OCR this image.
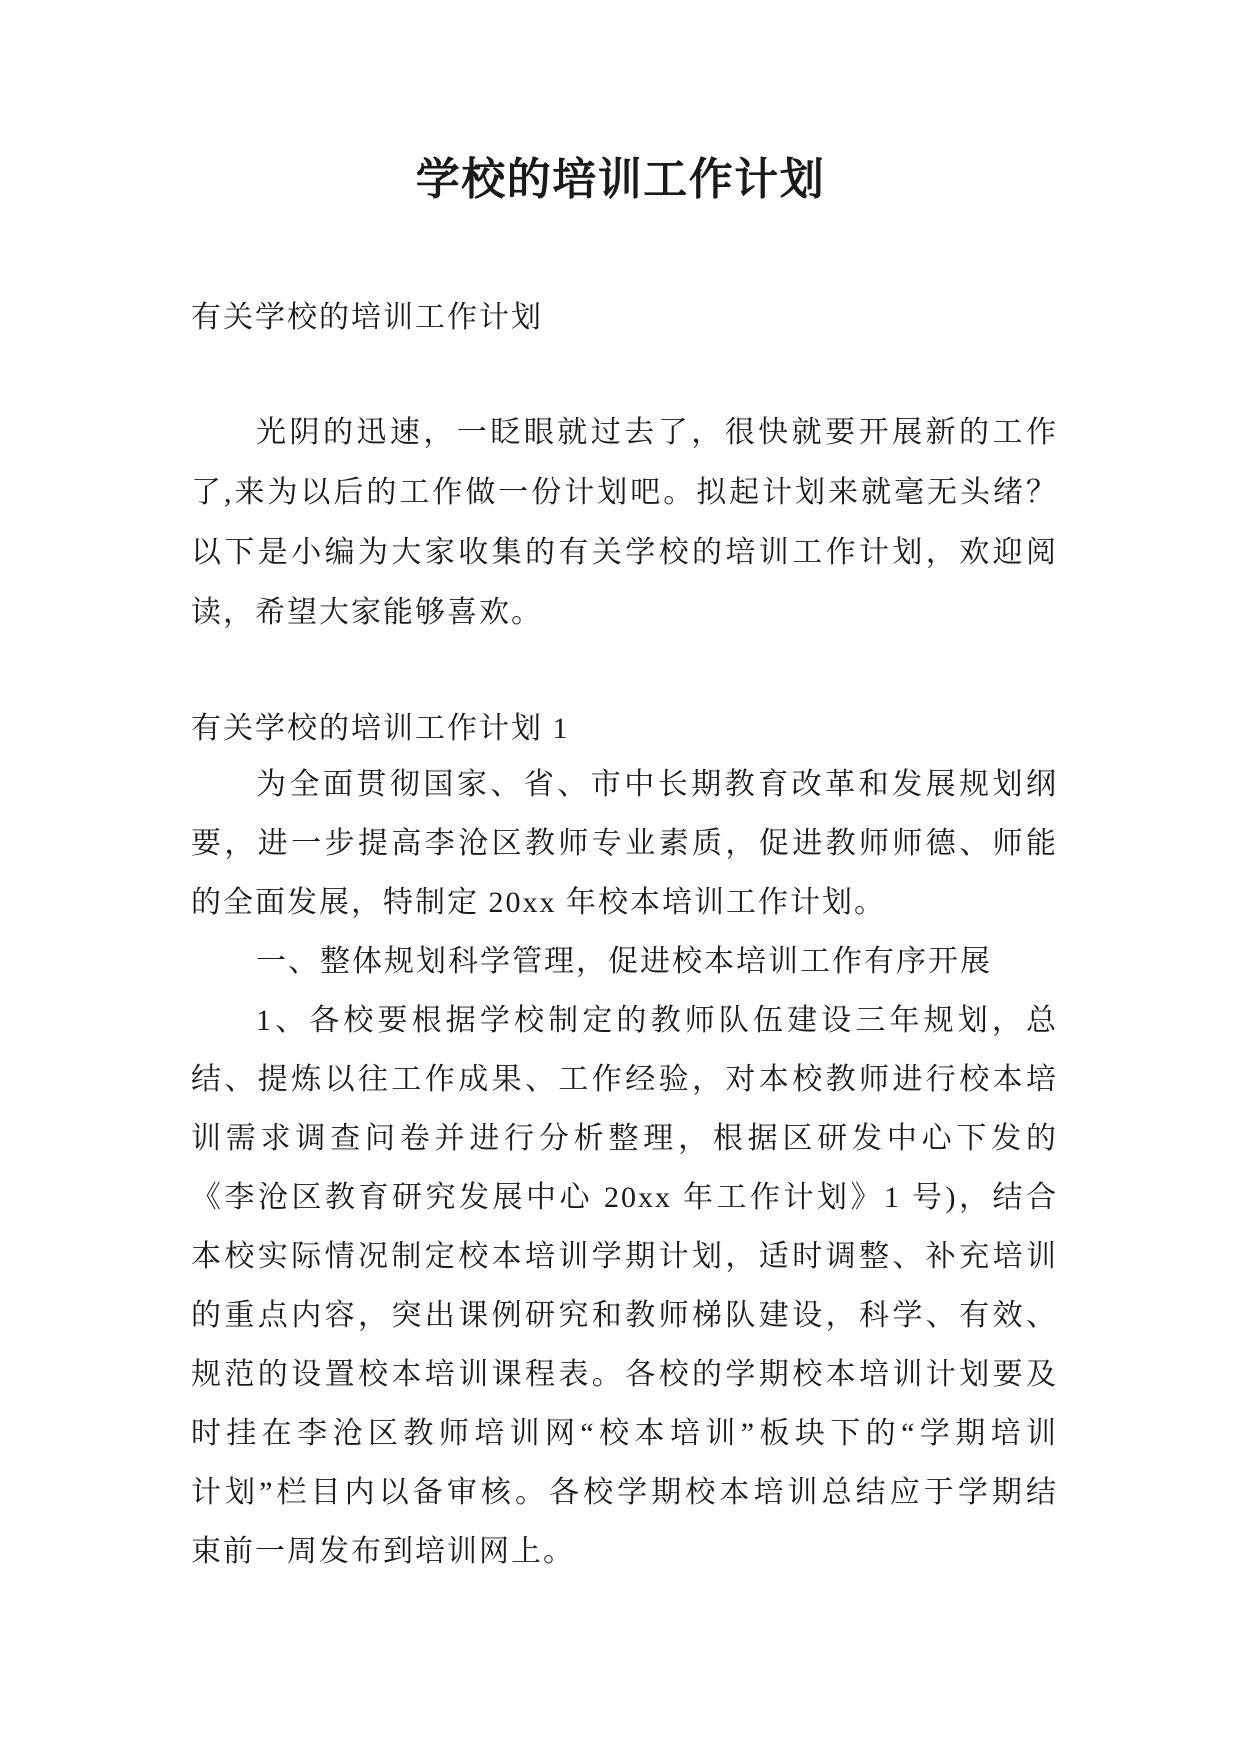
学校的培训工作计划
有关学校的培训工作计划
光阴的迅速，一眨眼就过去了，很快就要开展新的工作
了,来为以后的工作做一份计划吧。拟起计划来就毫无头绪？
以下是小编为大家收集的有关学校的培训工作计划，欢迎阅
读，希望大家能够喜欢。
有关学校的培训工作计划 1
为全面贯彻国家、省、市中长期教育改革和发展规划纲
要，进一步提高李沧区教师专业素质，促进教师师德、师能
的全面发展，特制定 20xx 年校本培训工作计划。
一、整体规划科学管理，促进校本培训工作有序开展
1、各校要根据学校制定的教师队伍建设三年规划，总
结、提炼以往工作成果、工作经验，对本校教师进行校本培
训需求调查问卷并进行分析整理，根据区研发中心下发的
《李沧区教育研究发展中心 20xx 年工作计划》1 号)，结合
本校实际情况制定校本培训学期计划，适时调整、补充培训
的重点内容，突出课例研究和教师梯队建设，科学、有效、
规范的设置校本培训课程表。各校的学期校本培训计划要及
时挂在李沧区教师培训网“校本培训”板块下的“学期培训
计划”栏目内以备审核。各校学期校本培训总结应于学期结
束前一周发布到培训网上。
